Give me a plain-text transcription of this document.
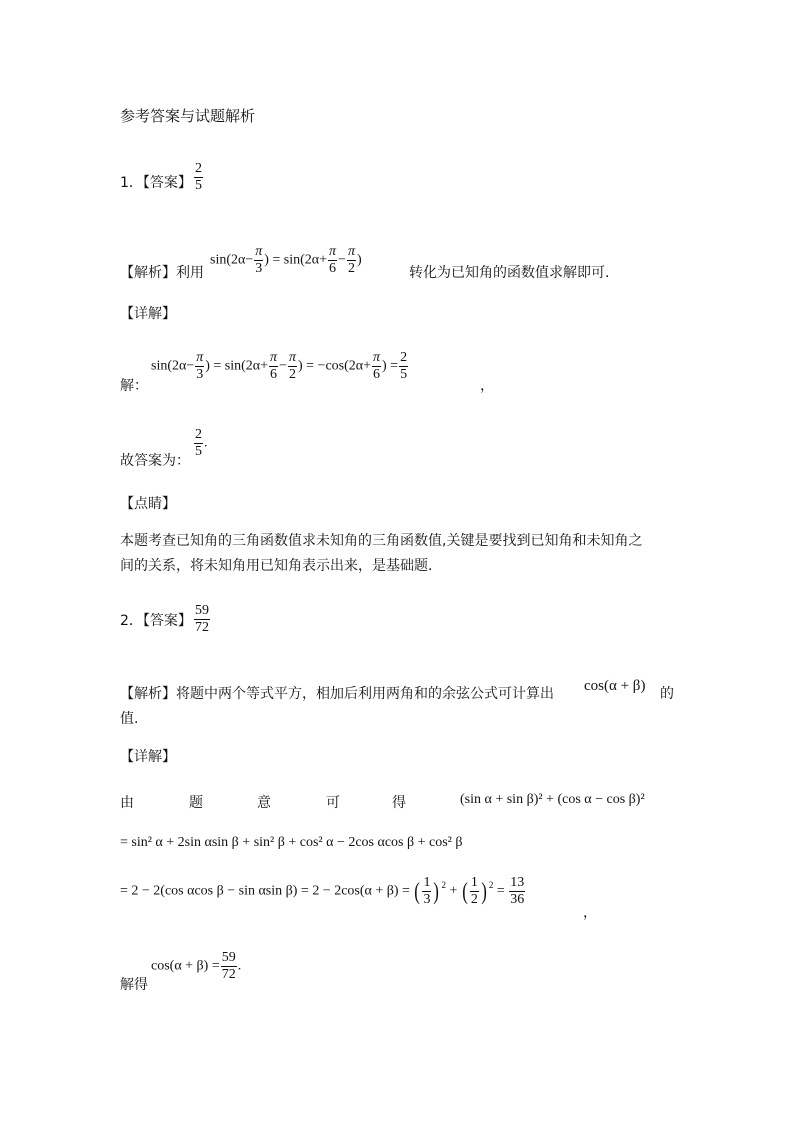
参考答案与试题解析
1．【答案】 $\frac{2}{5}$
【解析】利用
$\sin(2\alpha- \frac{\pi}{3}$ ) = $\sin(2\alpha+ \frac{\pi}{6} - \frac{\pi}{2}$ )
转化为已知角的函数值求解即可.
【详解】
解：
$\sin(2\alpha- \frac{\pi}{3}$ ) = $\sin(2\alpha+ \frac{\pi}{6} - \frac{\pi}{2}$ ) = $-\cos(2\alpha+ \frac{\pi}{6}$ ) = $\frac{2}{5}$
，
故答案为：
$\frac{2}{5}$ .
【点睛】
本题考查已知角的三角函数值求未知角的三角函数值,关键是要找到已知角和未知角之
间的关系，将未知角用已知角表示出来，是基础题.
2．【答案】 $\frac{59}{72}$
【解析】将题中两个等式平方，相加后利用两角和的余弦公式可计算出 cos(α + β) 的
值.
【详解】
由	题	意	可	得	(sin α + sin β)² + (cos α − cos β)²
= sin² α + 2sin αsin β + sin² β + cos² α − 2cos αcos β + cos² β
= 2 − 2(cos αcos β − sin αsin β) = 2 − 2cos(α + β) = ( $\frac{1}{3}$ ) $^2$ + ( $\frac{1}{2}$ ) $^2 = \frac{13}{36}$
，
解得
$\cos(\alpha + \beta) = \frac{59}{72}$ .
